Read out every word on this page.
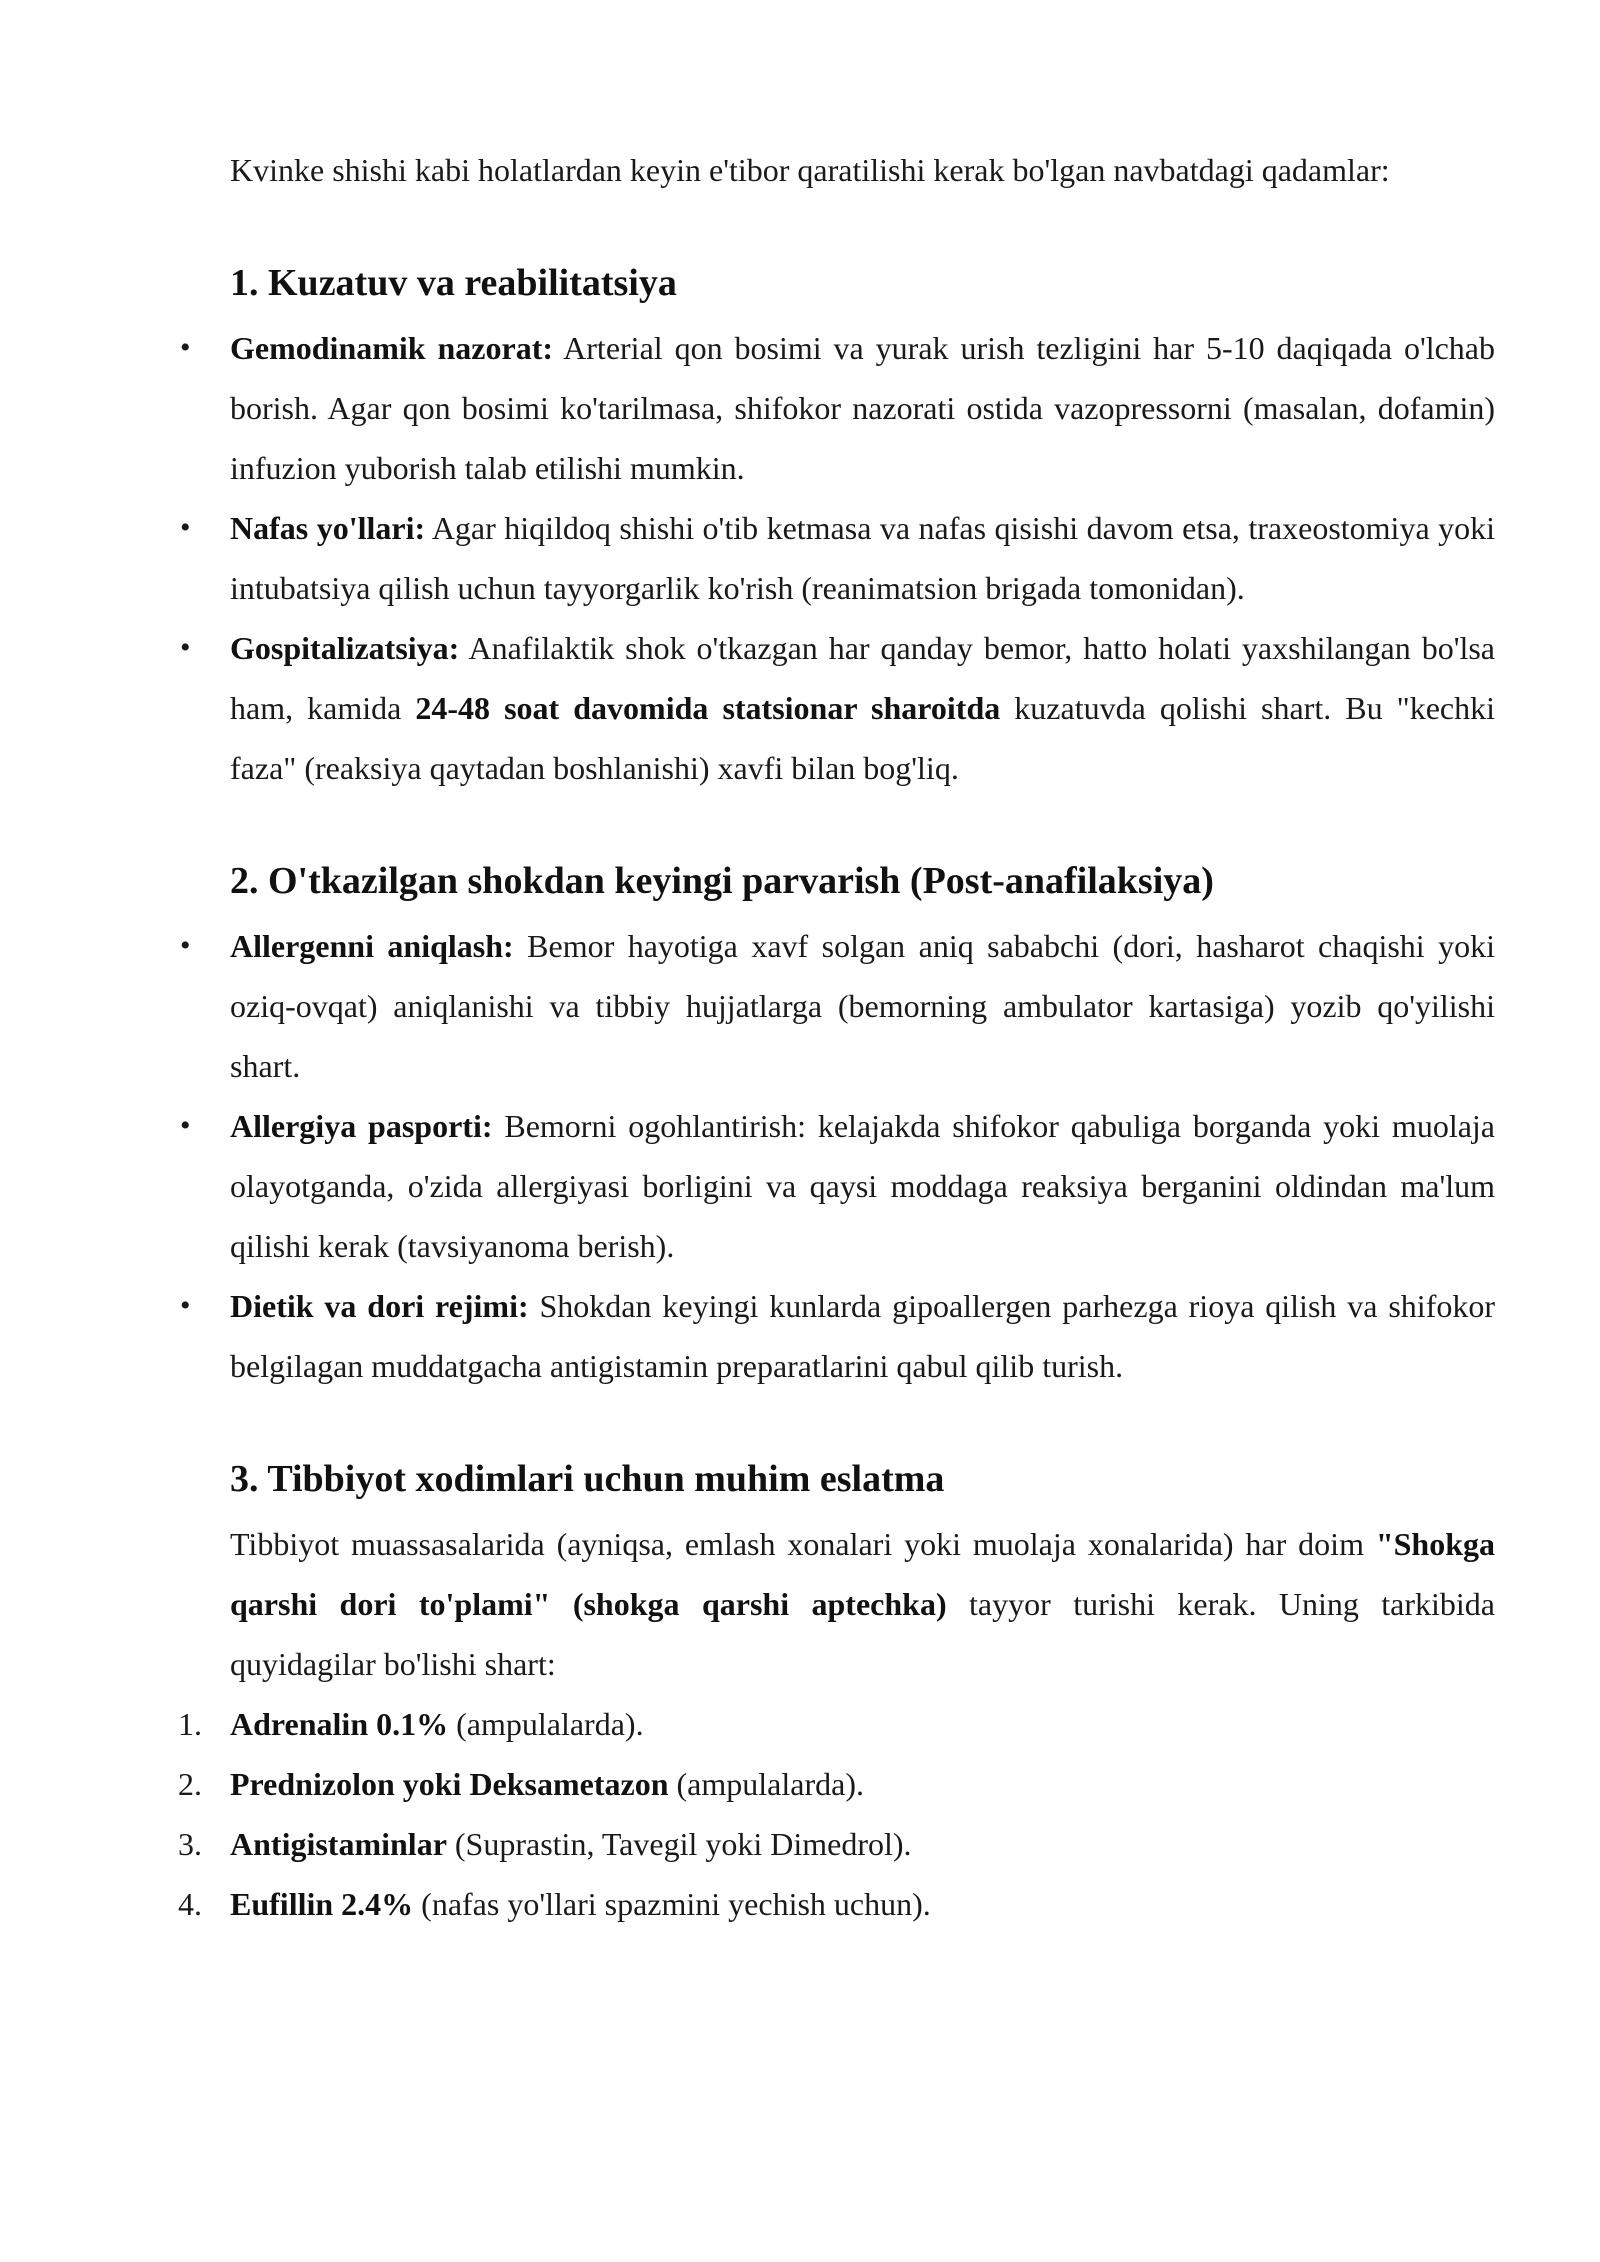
Kvinke shishi kabi holatlardan keyin e'tibor qaratilishi kerak bo'lgan navbatdagi qadamlar:

1. Kuzatuv va reabilitatsiya
• Gemodinamik nazorat: Arterial qon bosimi va yurak urish tezligini har 5-10 daqiqada o'lchab borish. Agar qon bosimi ko'tarilmasa, shifokor nazorati ostida vazopressorni (masalan, dofamin) infuzion yuborish talab etilishi mumkin.
• Nafas yo'llari: Agar hiqildoq shishi o'tib ketmasa va nafas qisishi davom etsa, traxeostomiya yoki intubatsiya qilish uchun tayyorgarlik ko'rish (reanimatsion brigada tomonidan).
• Gospitalizatsiya: Anafilaktik shok o'tkazgan har qanday bemor, hatto holati yaxshilangan bo'lsa ham, kamida 24-48 soat davomida statsionar sharoitda kuzatuvda qolishi shart. Bu "kechki faza" (reaksiya qaytadan boshlanishi) xavfi bilan bog'liq.
2. O'tkazilgan shokdan keyingi parvarish (Post-anafilaksiya)
• Allergenni aniqlash: Bemor hayotiga xavf solgan aniq sababchi (dori, hasharot chaqishi yoki oziq-ovqat) aniqlanishi va tibbiy hujjatlarga (bemorning ambulator kartasiga) yozib qo'yilishi shart.
• Allergiya pasporti: Bemorni ogohlantirish: kelajakda shifokor qabuliga borganda yoki muolaja olayotganda, o'zida allergiyasi borligini va qaysi moddaga reaksiya berganini oldindan ma'lum qilishi kerak (tavsiyanoma berish).
• Dietik va dori rejimi: Shokdan keyingi kunlarda gipoallergen parhezga rioya qilish va shifokor belgilagan muddatgacha antigistamin preparatlarini qabul qilib turish.
3. Tibbiyot xodimlari uchun muhim eslatma

Tibbiyot muassasalarida (ayniqsa, emlash xonalari yoki muolaja xonalarida) har doim "Shokga qarshi dori to'plami" (shokga qarshi aptechka) tayyor turishi kerak. Uning tarkibida quyidagilar bo'lishi shart:

1. Adrenalin 0.1% (ampulalarda).
2. Prednizolon yoki Deksametazon (ampulalarda).
3. Antigistaminlar (Suprastin, Tavegil yoki Dimedrol).
4. Eufillin 2.4% (nafas yo'llari spazmini yechish uchun).
